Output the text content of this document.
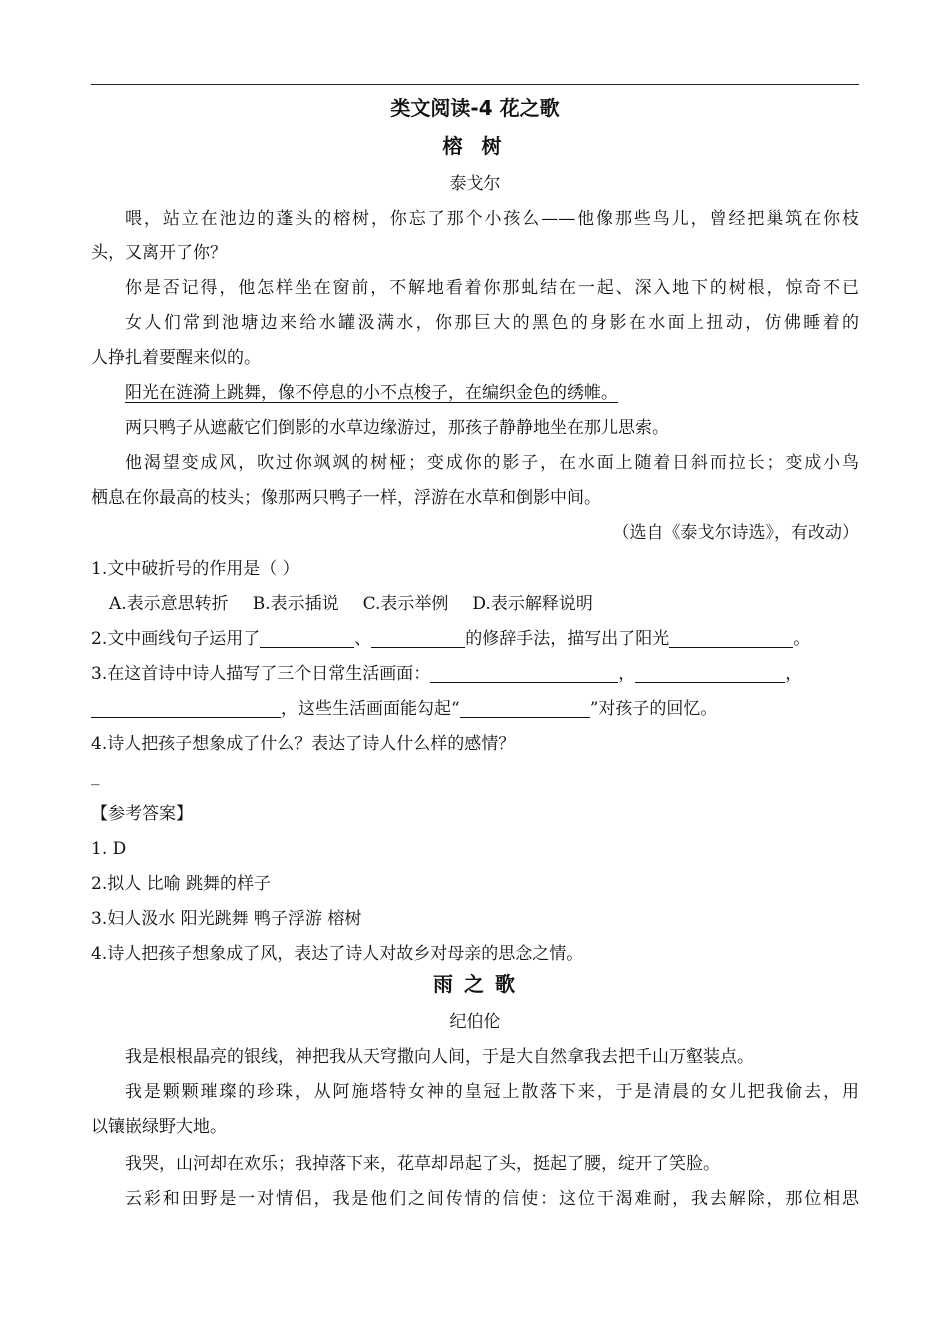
类文阅读-4 花之歌
榕 树
泰戈尔
喂，站立在池边的蓬头的榕树，你忘了那个小孩么——他像那些鸟儿，曾经把巢筑在你枝
头，又离开了你？
你是否记得，他怎样坐在窗前，不解地看着你那虬结在一起、深入地下的树根，惊奇不已
女人们常到池塘边来给水罐汲满水，你那巨大的黑色的身影在水面上扭动，仿佛睡着的
人挣扎着要醒来似的。
阳光在涟漪上跳舞，像不停息的小不点梭子，在编织金色的绣帷。
两只鸭子从遮蔽它们倒影的水草边缘游过，那孩子静静地坐在那儿思索。
他渴望变成风，吹过你飒飒的树桠；变成你的影子，在水面上随着日斜而拉长；变成小鸟
栖息在你最高的枝头；像那两只鸭子一样，浮游在水草和倒影中间。
（选自《泰戈尔诗选》，有改动）
1.文中破折号的作用是（ ）
A.表示意思转折 B.表示插说 C.表示举例 D.表示解释说明
2.文中画线句子运用了	、	的修辞手法，描写出了阳光	。
3.在这首诗中诗人描写了三个日常生活画面：	，	，
，这些生活画面能勾起“	”对孩子的回忆。
4.诗人把孩子想象成了什么？表达了诗人什么样的感情？
_
【参考答案】
1. D
2.拟人 比喻 跳舞的样子
3.妇人汲水 阳光跳舞 鸭子浮游 榕树
4.诗人把孩子想象成了风，表达了诗人对故乡对母亲的思念之情。
雨 之 歌
纪伯伦
我是根根晶亮的银线，神把我从天穹撒向人间，于是大自然拿我去把千山万壑装点。
我是颗颗璀璨的珍珠，从阿施塔特女神的皇冠上散落下来，于是清晨的女儿把我偷去，用
以镶嵌绿野大地。
我哭，山河却在欢乐；我掉落下来，花草却昂起了头，挺起了腰，绽开了笑脸。
云彩和田野是一对情侣，我是他们之间传情的信使：这位干渴难耐，我去解除，那位相思
